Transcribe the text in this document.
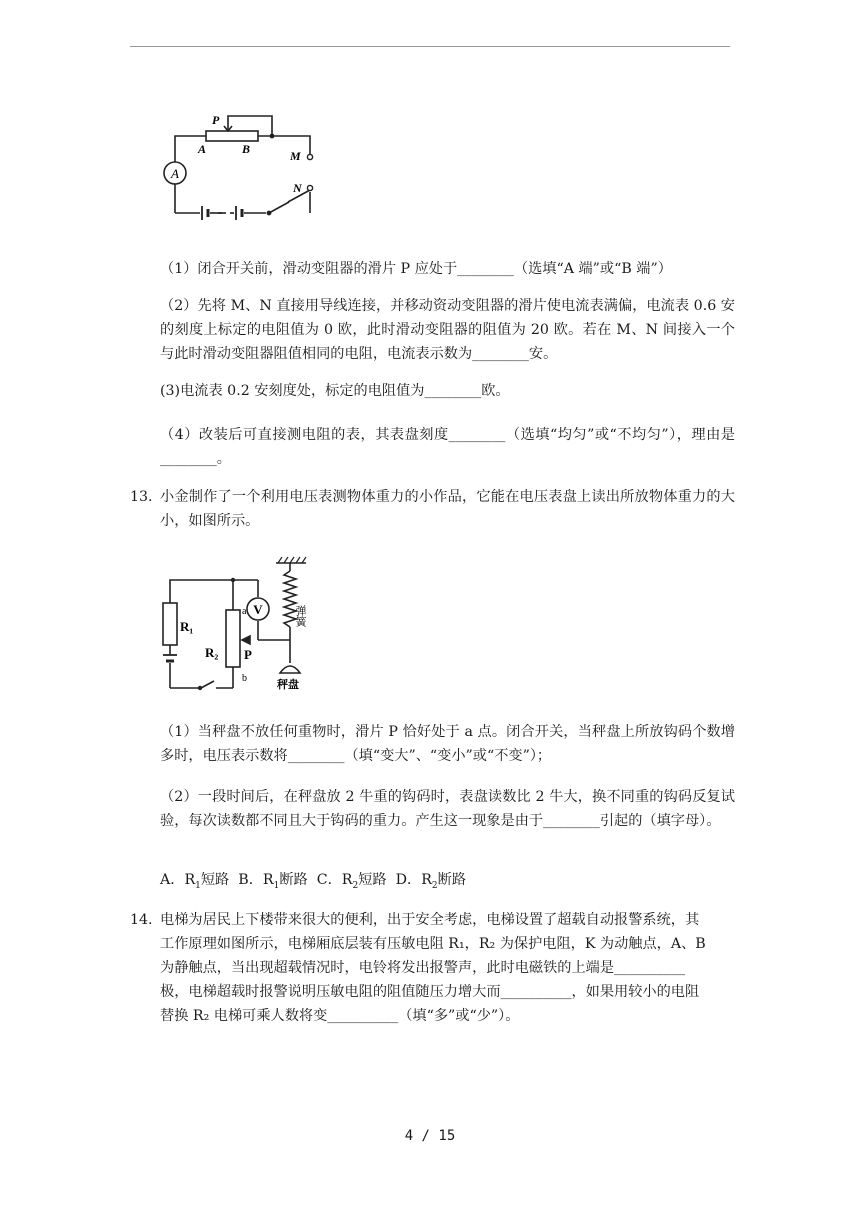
A
P
A	B	M
N

（1）闭合开关前，滑动变阻器的滑片 P 应处于________（选填“A 端”或“B 端”）

（2）先将 M、N 直接用导线连接，并移动资动变阻器的滑片使电流表满偏，电流表 0.6 安的刻度上标定的电阻值为 0 欧，此时滑动变阻器的阻值为 20 欧。若在 M、N 间接入一个与此时滑动变阻器阻值相同的电阻，电流表示数为________安。

(3)电流表 0.2 安刻度处，标定的电阻值为________欧。

（4）改装后可直接测电阻的表，其表盘刻度________（选填“均匀”或“不均匀”），理由是________。

13. 小金制作了一个利用电压表测物体重力的小作品，它能在电压表盘上读出所放物体重力的大小，如图所示。

V
R₁
R₂
a
b
P
弹簧
秤盘

（1）当秤盘不放任何重物时，滑片 P 恰好处于 a 点。闭合开关，当秤盘上所放钩码个数增多时，电压表示数将________（填“变大”、“变小”或“不变”）；

（2）一段时间后，在秤盘放 2 牛重的钩码时，表盘读数比 2 牛大，换不同重的钩码反复试验，每次读数都不同且大于钩码的重力。产生这一现象是由于________引起的（填字母）。

A．$R_1$短路 B．$R_1$断路 C．$R_2$短路 D．$R_2$断路
14. 电梯为居民上下楼带来很大的便利，出于安全考虑，电梯设置了超载自动报警系统，其
工作原理如图所示，电梯厢底层装有压敏电阻 R₁，R₂ 为保护电阻，K 为动触点，A、B
为静触点，当出现超载情况时，电铃将发出报警声，此时电磁铁的上端是__________
极，电梯超载时报警说明压敏电阻的阻值随压力增大而__________，如果用较小的电阻
替换 R₂ 电梯可乘人数将变__________（填“多”或“少”）。
4 / 15
